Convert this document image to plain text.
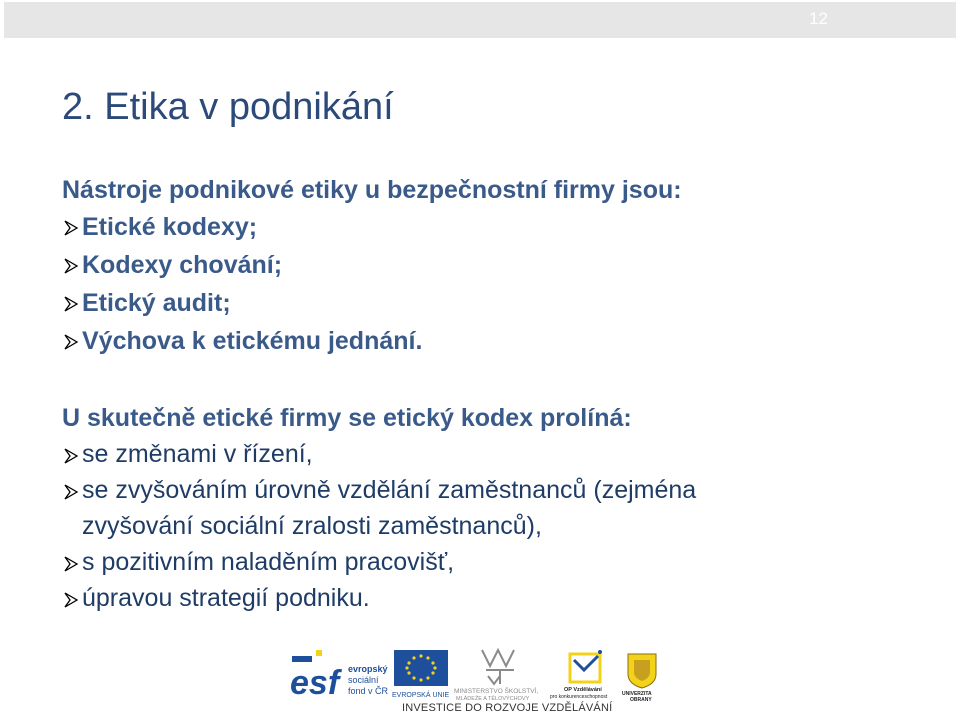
12
2. Etika v podnikání
Nástroje podnikové etiky u bezpečnostní firmy jsou:
Etické kodexy;
Kodexy chování;
Etický audit;
Výchova k etickému jednání.
U skutečně etické firmy se etický kodex prolíná:
se změnami v řízení,
se zvyšováním úrovně vzdělání zaměstnanců (zejména
zvyšování sociální zralosti zaměstnanců),
s pozitivním naladěním pracovišť,
úpravou strategií podniku.
esf evropský
sociální
fond v ČR EVROPSKÁ UNIE
MINISTERSTVO ŠKOLSTVÍ,
MLÁDEŽE A TĚLOVÝCHOVY
OP Vzdělávání
pro konkurenceschopnost	UNIVERZITA
OBRANY
INVESTICE DO ROZVOJE VZDĚLÁVÁNÍ
